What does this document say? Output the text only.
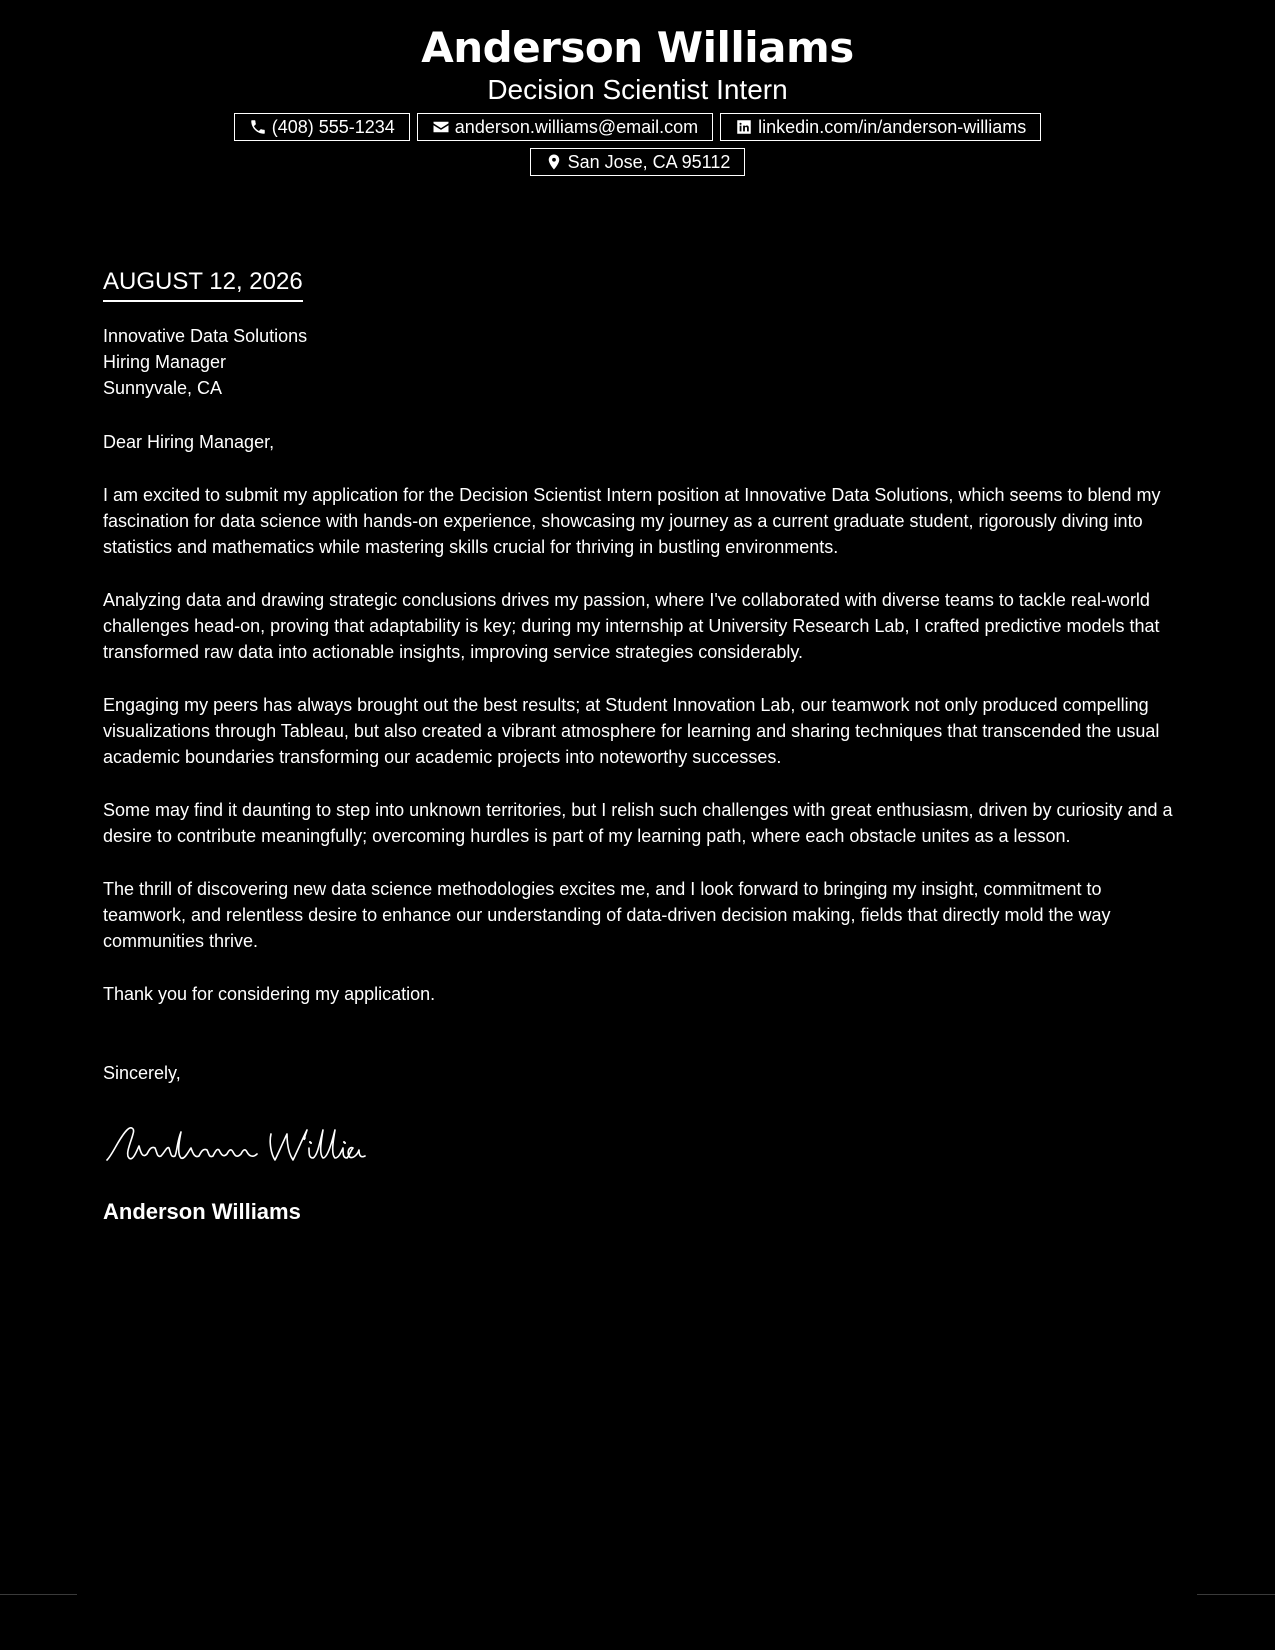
Anderson Williams
Decision Scientist Intern
(408) 555-1234	anderson.williams@email.com	linkedin.com/in/anderson-williams
San Jose, CA 95112
AUGUST 12, 2026
Innovative Data Solutions
Hiring Manager
Sunnyvale, CA
Dear Hiring Manager,
I am excited to submit my application for the Decision Scientist Intern position at Innovative Data Solutions, which seems to blend my fascination for data science with hands-on experience, showcasing my journey as a current graduate student, rigorously diving into statistics and mathematics while mastering skills crucial for thriving in bustling environments.
Analyzing data and drawing strategic conclusions drives my passion, where I've collaborated with diverse teams to tackle real-world challenges head-on, proving that adaptability is key; during my internship at University Research Lab, I crafted predictive models that transformed raw data into actionable insights, improving service strategies considerably.
Engaging my peers has always brought out the best results; at Student Innovation Lab, our teamwork not only produced compelling visualizations through Tableau, but also created a vibrant atmosphere for learning and sharing techniques that transcended the usual academic boundaries transforming our academic projects into noteworthy successes.
Some may find it daunting to step into unknown territories, but I relish such challenges with great enthusiasm, driven by curiosity and a desire to contribute meaningfully; overcoming hurdles is part of my learning path, where each obstacle unites as a lesson.
The thrill of discovering new data science methodologies excites me, and I look forward to bringing my insight, commitment to teamwork, and relentless desire to enhance our understanding of data-driven decision making, fields that directly mold the way communities thrive.
Thank you for considering my application.
Sincerely,
Anderson Williams
